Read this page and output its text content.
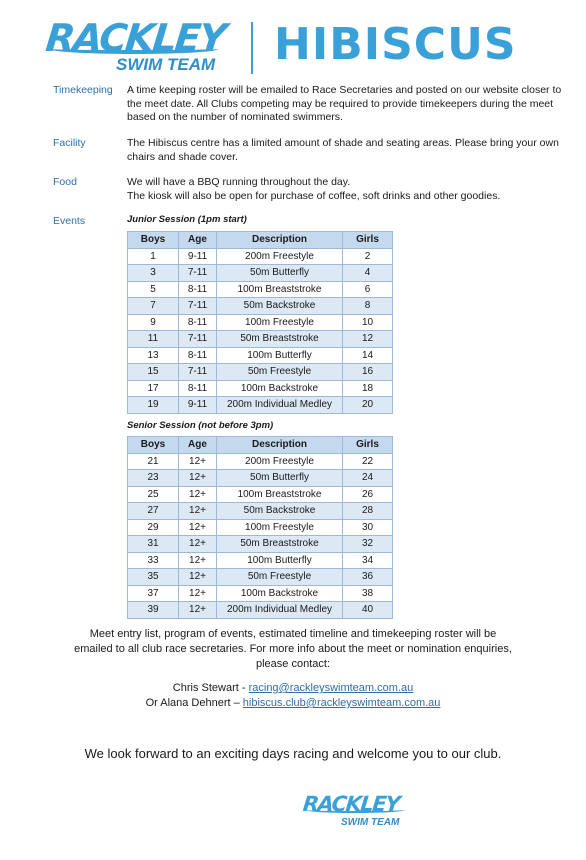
RACKLEY
SWIM TEAM HIBISCUS
Timekeeping A time keeping roster will be emailed to Race Secretaries and posted on our website closer to the meet date. All Clubs competing may be required to provide timekeepers during the meet based on the number of nominated swimmers.
Facility	The Hibiscus centre has a limited amount of shade and seating areas. Please bring your own chairs and shade cover.
Food	We will have a BBQ running throughout the day.
The kiosk will also be open for purchase of coffee, soft drinks and other goodies.
Events	Junior Session (1pm start)
Boys	Age	Description	Girls
1	9-11	200m Freestyle	2
3	7-11	50m Butterfly	4
5	8-11	100m Breaststroke	6
7	7-11	50m Backstroke	8
9	8-11	100m Freestyle	10
11	7-11	50m Breaststroke	12
13	8-11	100m Butterfly	14
15	7-11	50m Freestyle	16
17	8-11	100m Backstroke	18
19	9-11	200m Individual Medley	20
Senior Session (not before 3pm)
Boys	Age	Description	Girls
21	12+	200m Freestyle	22
23	12+	50m Butterfly	24
25	12+	100m Breaststroke	26
27	12+	50m Backstroke	28
29	12+	100m Freestyle	30
31	12+	50m Breaststroke	32
33	12+	100m Butterfly	34
35	12+	50m Freestyle	36
37	12+	100m Backstroke	38
39	12+	200m Individual Medley	40
Meet entry list, program of events, estimated timeline and timekeeping roster will be
emailed to all club race secretaries. For more info about the meet or nomination enquiries,
please contact:
Chris Stewart - racing@rackleyswimteam.com.au
Or Alana Dehnert – hibiscus.club@rackleyswimteam.com.au
We look forward to an exciting days racing and welcome you to our club.
RACKLEY
SWIM TEAM
